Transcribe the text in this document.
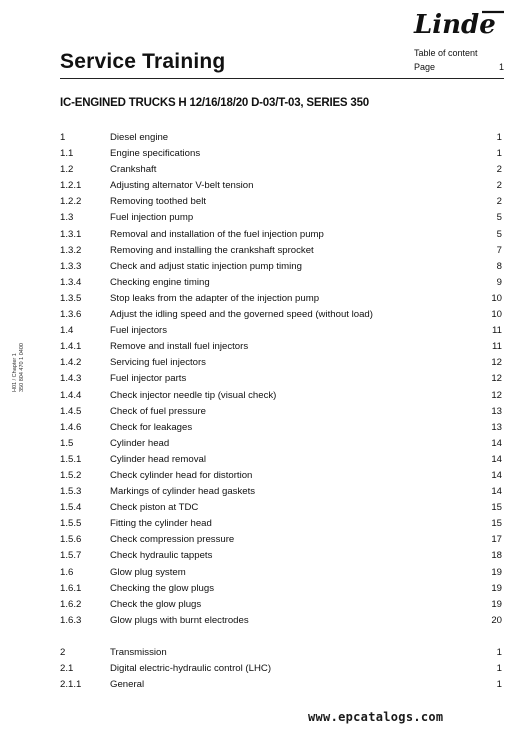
Linde
Service Training	Table of content
Page	1
IC-ENGINED TRUCKS H 12/16/18/20 D-03/T-03, SERIES 350
H01 / Chapter 1 350 804 470 1 0400
1	Diesel engine	1
1.1	Engine specifications	1
1.2	Crankshaft	2
1.2.1	Adjusting alternator V-belt tension	2
1.2.2	Removing toothed belt	2
1.3	Fuel injection pump	5
1.3.1	Removal and installation of the fuel injection pump	5
1.3.2	Removing and installing the crankshaft sprocket	7
1.3.3	Check and adjust static injection pump timing	8
1.3.4	Checking engine timing	9
1.3.5	Stop leaks from the adapter of the injection pump	10
1.3.6	Adjust the idling speed and the governed speed (without load)	10
1.4	Fuel injectors	11
1.4.1	Remove and install fuel injectors	11
1.4.2	Servicing fuel injectors	12
1.4.3	Fuel injector parts	12
1.4.4	Check injector needle tip (visual check)	12
1.4.5	Check of fuel pressure	13
1.4.6	Check for leakages	13
1.5	Cylinder head	14
1.5.1	Cylinder head removal	14
1.5.2	Check cylinder head for distortion	14
1.5.3	Markings of cylinder head gaskets	14
1.5.4	Check piston at TDC	15
1.5.5	Fitting the cylinder head	15
1.5.6	Check compression pressure	17
1.5.7	Check hydraulic tappets	18
1.6	Glow plug system	19
1.6.1	Checking the glow plugs	19
1.6.2	Check the glow plugs	19
1.6.3	Glow plugs with burnt electrodes	20
2	Transmission	1
2.1	Digital electric-hydraulic control (LHC)	1
2.1.1	General	1
www.epcatalogs.com
